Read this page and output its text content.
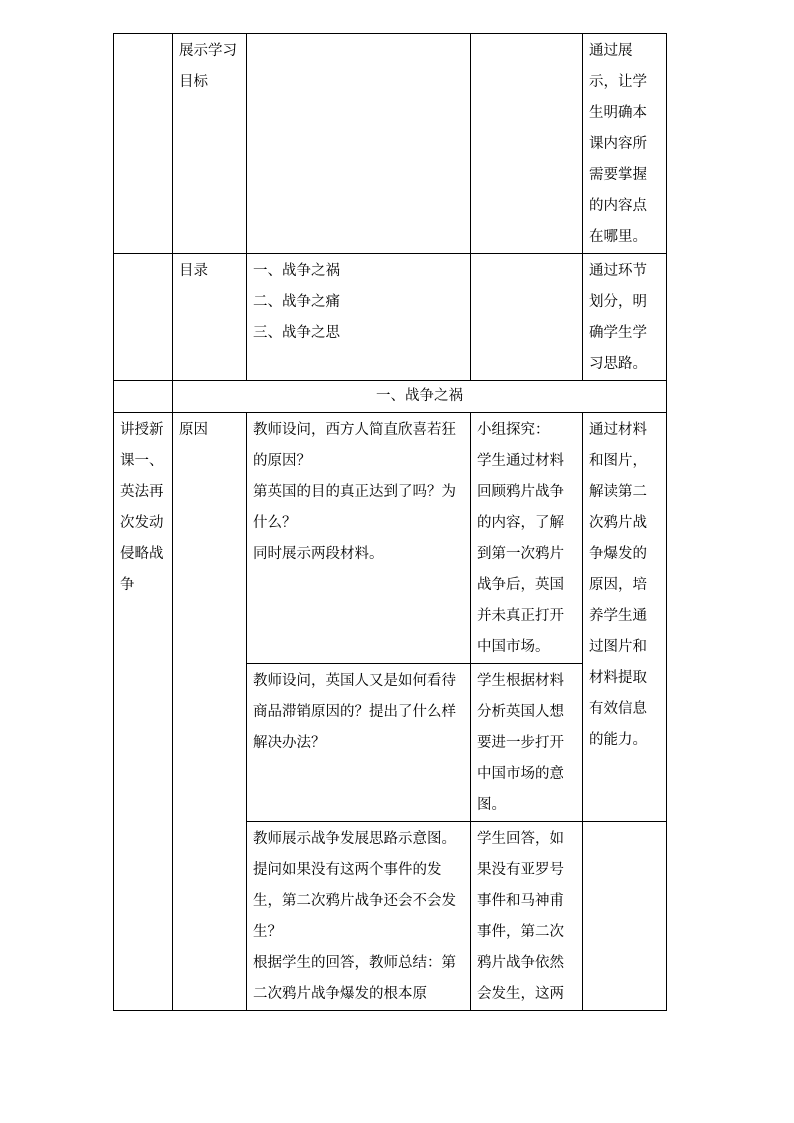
	展示学习目标			通过展示，让学生明确本课内容所需要掌握的内容点在哪里。
	目录	一、战争之祸
二、战争之痛
三、战争之思		通过环节划分，明确学生学习思路。
	一、战争之祸			
讲授新课一、英法再次发动侵略战争	原因	教师设问，西方人简直欣喜若狂的原因？
第英国的目的真正达到了吗？为什么？
同时展示两段材料。	小组探究：
学生通过材料回顾鸦片战争的内容，了解到第一次鸦片战争后，英国并未真正打开中国市场。	通过材料和图片，解读第二次鸦片战争爆发的原因，培养学生通过图片和材料提取有效信息的能力。

		教师设问，英国人又是如何看待商品滞销原因的？提出了什么样解决办法？	学生根据材料分析英国人想要进一步打开中国市场的意图。	

		教师展示战争发展思路示意图。
提问如果没有这两个事件的发生，第二次鸦片战争还会不会发生？
根据学生的回答，教师总结：第二次鸦片战争爆发的根本原	学生回答，如果没有亚罗号事件和马神甫事件，第二次鸦片战争依然会发生，这两	
